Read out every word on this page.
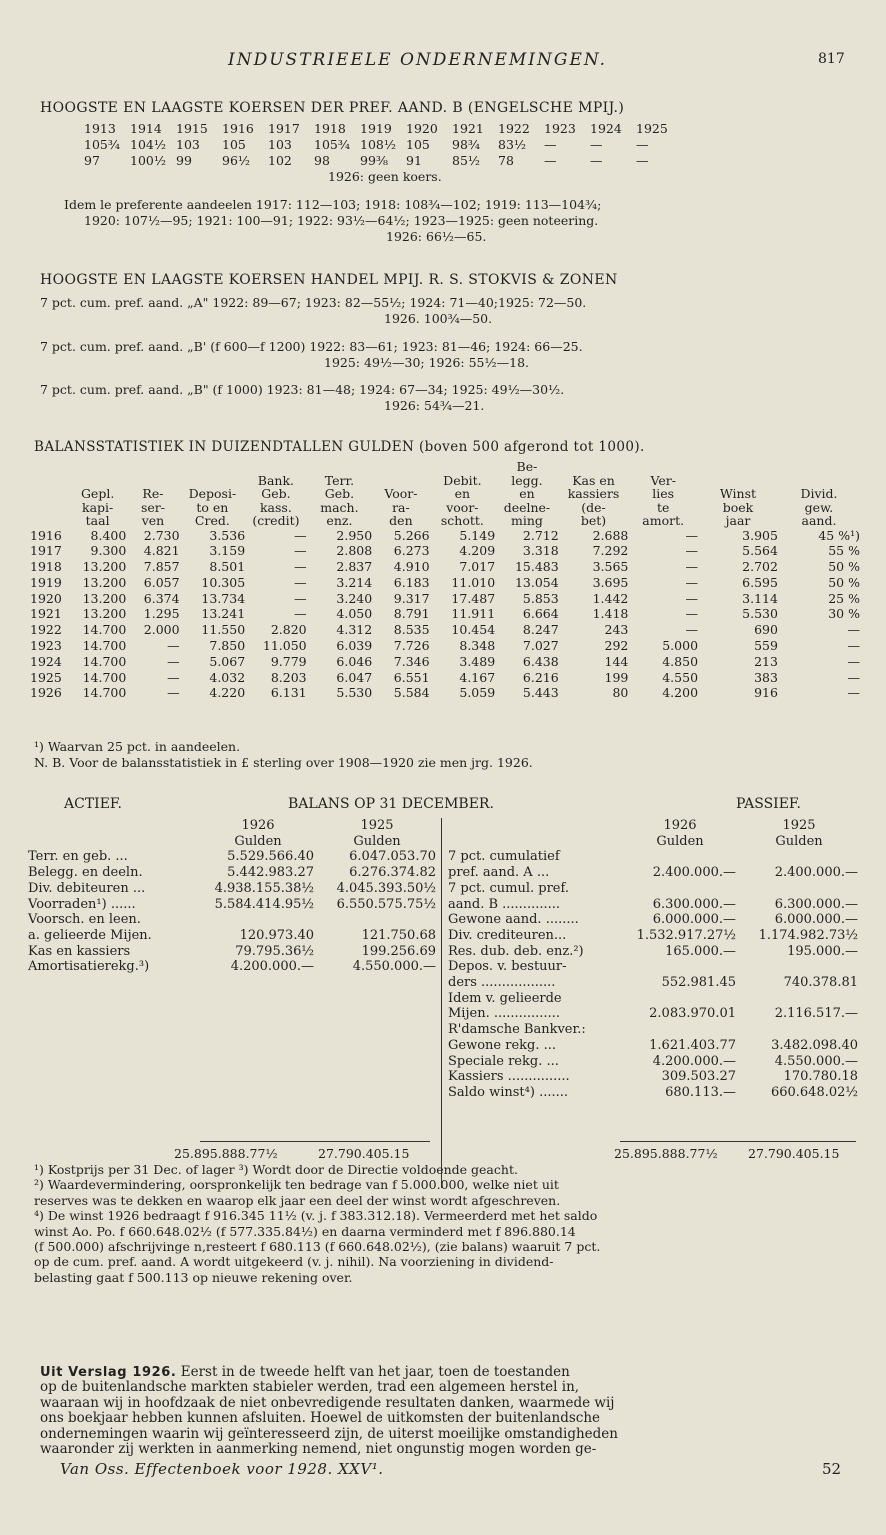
INDUSTRIEELE ONDERNEMINGEN.	817
HOOGSTE EN LAAGSTE KOERSEN DER PREF. AAND. B (ENGELSCHE MPIJ.)
1913 1914 1915 1916 1917 1918 1919 1920 1921 1922 1923 1924 1925
105¾ 104½ 103 105 103 105¾ 108½ 105 98¾ 83½ —	—	—
97 100½ 99 96½ 102 98 99⅜ 91 85½ 78 —	—	—
1926: geen koers.
Idem le preferente aandeelen 1917: 112—103; 1918: 108¾—102; 1919: 113—104¾;
1920: 107½—95; 1921: 100—91; 1922: 93½—64½; 1923—1925: geen noteering.
1926: 66½—65.
HOOGSTE EN LAAGSTE KOERSEN HANDEL MPIJ. R. S. STOKVIS & ZONEN
7 pct. cum. pref. aand. „A" 1922: 89—67; 1923: 82—55½; 1924: 71—40;1925: 72—50.
1926. 100¾—50.
7 pct. cum. pref. aand. „B' (f 600—f 1200) 1922: 83—61; 1923: 81—46; 1924: 66—25.
1925: 49½—30; 1926: 55½—18.
7 pct. cum. pref. aand. „B" (f 1000) 1923: 81—48; 1924: 67—34; 1925: 49½—30½.
1926: 54¾—21.
BALANSSTATISTIEK IN DUIZENDTALLEN GULDEN (boven 500 afgerond tot 1000).
								Be-				
				Bank.	Terr.		Debit.	legg.	Kas en	Ver-		
	Gepl.	Re-	Deposi-	Geb.	Geb.	Voor-	en	en	kassiers	lies	Winst	Divid.
	kapi-	ser-	to en	kass.	mach.	ra-	voor-	deelne-	(de-	te	boek	gew.
	taal	ven	Cred.	(credit)	enz.	den	schott.	ming	bet)	amort.	jaar	aand.
1916	8.400	2.730	3.536	—	2.950	5.266	5.149	2.712	2.688	—	3.905	45 %¹)
1917	9.300	4.821	3.159	—	2.808	6.273	4.209	3.318	7.292	—	5.564	55 %
1918	13.200	7.857	8.501	—	2.837	4.910	7.017	15.483	3.565	—	2.702	50 %
1919	13.200	6.057	10.305	—	3.214	6.183	11.010	13.054	3.695	—	6.595	50 %
1920	13.200	6.374	13.734	—	3.240	9.317	17.487	5.853	1.442	—	3.114	25 %
1921	13.200	1.295	13.241	—	4.050	8.791	11.911	6.664	1.418	—	5.530	30 %
1922	14.700	2.000	11.550	2.820	4.312	8.535	10.454	8.247	243	—	690	—
1923	14.700	—	7.850	11.050	6.039	7.726	8.348	7.027	292	5.000	559	—
1924	14.700	—	5.067	9.779	6.046	7.346	3.489	6.438	144	4.850	213	—
1925	14.700	—	4.032	8.203	6.047	6.551	4.167	6.216	199	4.550	383	—
1926	14.700	—	4.220	6.131	5.530	5.584	5.059	5.443	80	4.200	916	—
¹) Waarvan 25 pct. in aandeelen.
N. B. Voor de balansstatistiek in £ sterling over 1908—1920 zie men jrg. 1926.
ACTIEF.	BALANS OP 31 DECEMBER.	PASSIEF.
	1926	1925
	Gulden	Gulden
Terr. en geb. ...	5.529.566.40	6.047.053.70
Belegg. en deeln.	5.442.983.27	6.276.374.82
Div. debiteuren ...	4.938.155.38½	4.045.393.50½
Voorraden¹) ......	5.584.414.95½	6.550.575.75½
Voorsch. en leen.		
a. gelieerde Mijen.	120.973.40	121.750.68
Kas en kassiers	79.795.36½	199.256.69
Amortisatierekg.³)	4.200.000.—	4.550.000.—
	1926	1925
	Gulden	Gulden
7 pct. cumulatief		
pref. aand. A ...	2.400.000.—	2.400.000.—
7 pct. cumul. pref.		
aand. B ..............	6.300.000.—	6.300.000.—
Gewone aand. ........	6.000.000.—	6.000.000.—
Div. crediteuren...	1.532.917.27½	1.174.982.73½
Res. dub. deb. enz.²)	165.000.—	195.000.—
Depos. v. bestuur-		
ders ..................	552.981.45	740.378.81
Idem v. gelieerde		
Mijen. ................	2.083.970.01	2.116.517.—
R'damsche Bankver.:		
Gewone rekg. ...	1.621.403.77	3.482.098.40
Speciale rekg. ...	4.200.000.—	4.550.000.—
Kassiers ...............	309.503.27	170.780.18
Saldo winst⁴) .......	680.113.—	660.648.02½
25.895.888.77½	27.790.405.15	25.895.888.77½ 27.790.405.15
¹) Kostprijs per 31 Dec. of lager ³) Wordt door de Directie voldoende geacht.
²) Waardevermindering, oorspronkelijk ten bedrage van f 5.000.000, welke niet uit
reserves was te dekken en waarop elk jaar een deel der winst wordt afgeschreven.
⁴) De winst 1926 bedraagt f 916.345 11½ (v. j. f 383.312.18). Vermeerderd met het saldo
winst Ao. Po. f 660.648.02½ (f 577.335.84½) en daarna verminderd met f 896.880.14
(f 500.000) afschrijvinge n,resteert f 680.113 (f 660.648.02½), (zie balans) waaruit 7 pct.
op de cum. pref. aand. A wordt uitgekeerd (v. j. nihil). Na voorziening in dividend-
belasting gaat f 500.113 op nieuwe rekening over.
Uit Verslag 1926. Eerst in de tweede helft van het jaar, toen de toestanden
op de buitenlandsche markten stabieler werden, trad een algemeen herstel in,
waaraan wij in hoofdzaak de niet onbevredigende resultaten danken, waarmede wij
ons boekjaar hebben kunnen afsluiten. Hoewel de uitkomsten der buitenlandsche
ondernemingen waarin wij geïnteresseerd zijn, de uiterst moeilijke omstandigheden
waaronder zij werkten in aanmerking nemend, niet ongunstig mogen worden ge-
Van Oss. Effectenboek voor 1928. XXV¹.	52
